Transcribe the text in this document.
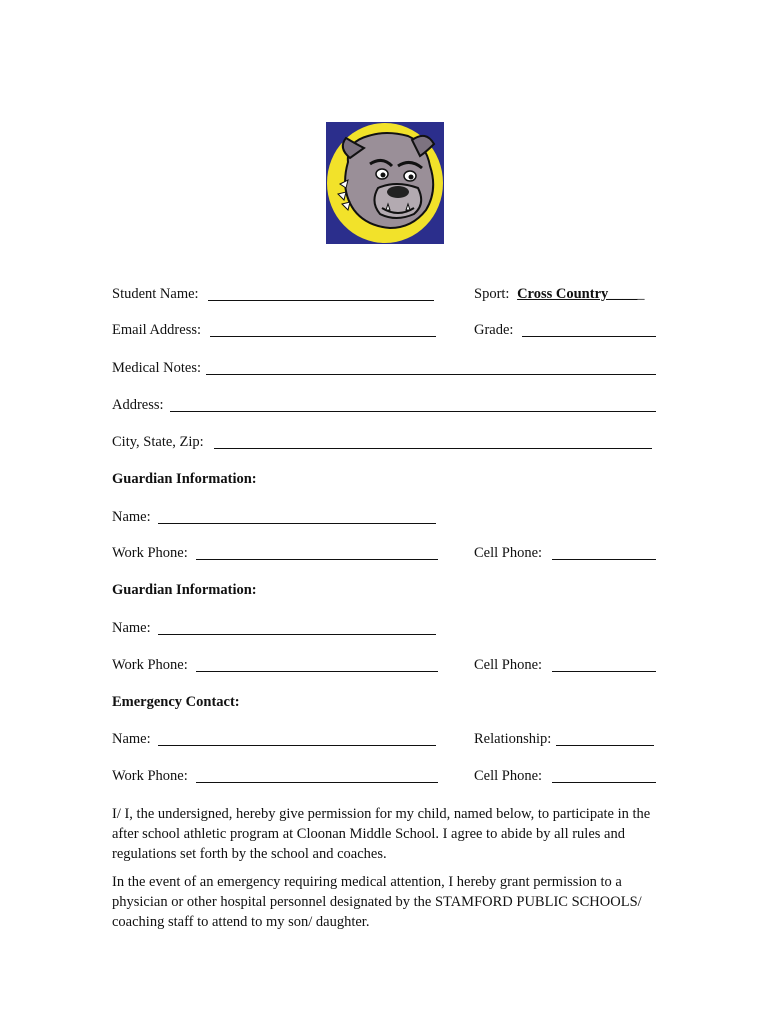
Student Name:	Sport: Cross Country_____
Email Address:	Grade:
Medical Notes:
Address:
City, State, Zip:
Guardian Information:
Name:
Work Phone:	Cell Phone:
Guardian Information:
Name:
Work Phone:	Cell Phone:
Emergency Contact:
Name:	Relationship:
Work Phone:	Cell Phone:
I/ I, the undersigned, hereby give permission for my child, named below, to participate in the after school athletic program at Cloonan Middle School. I agree to abide by all rules and regulations set forth by the school and coaches.
In the event of an emergency requiring medical attention, I hereby grant permission to a physician or other hospital personnel designated by the STAMFORD PUBLIC SCHOOLS/ coaching staff to attend to my son/ daughter.
